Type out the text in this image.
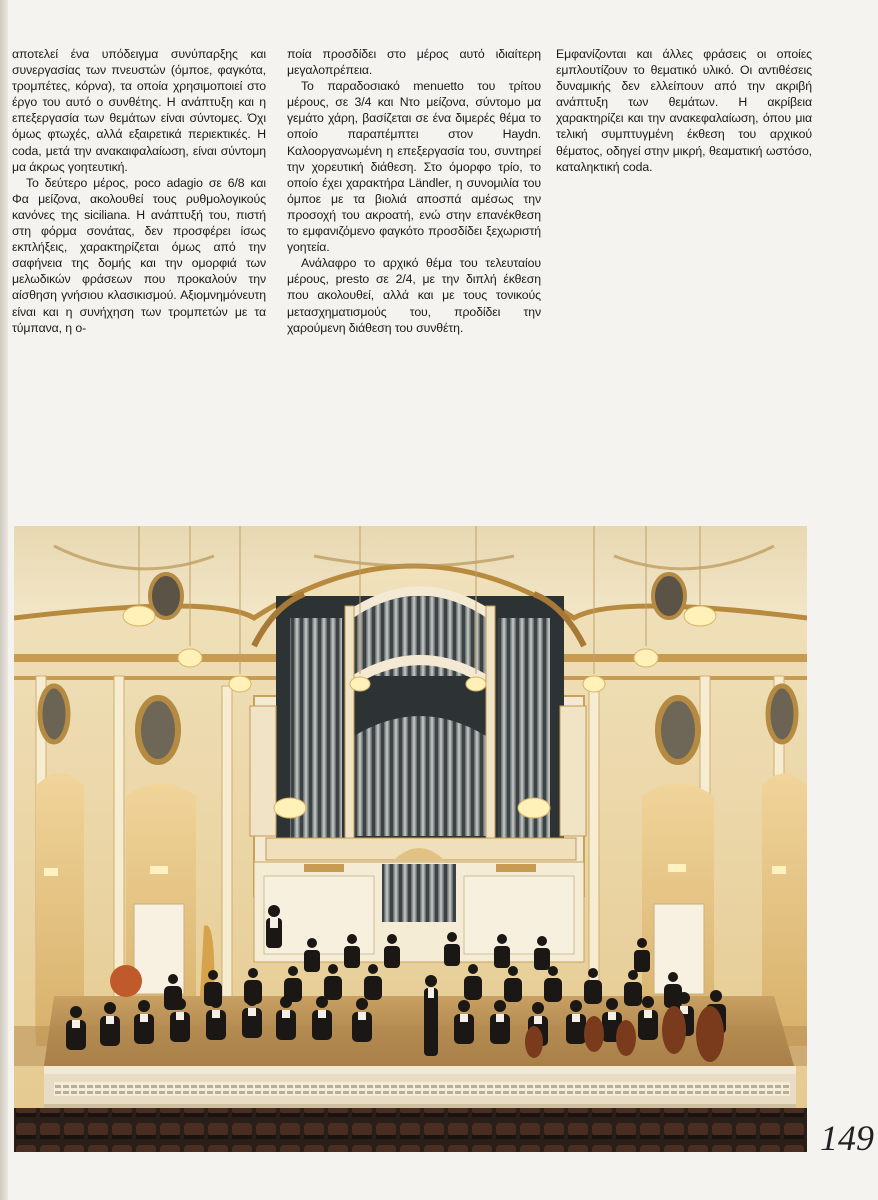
αποτελεί ένα υπόδειγμα συνύπαρξης και συνεργασίας των πνευστών (όμποε, φαγκότα, τρομπέτες, κόρνα), τα οποία χρησιμοποιεί στο έργο του αυτό ο συνθέτης. Η ανάπτυξη και η επεξεργασία των θεμάτων είναι σύντομες. Όχι όμως φτωχές, αλλά εξαιρετικά περιεκτικές. Η coda, μετά την ανακαιφαλαίωση, είναι σύντομη μα άκρως γοητευτική.

Το δεύτερο μέρος, poco adagio σε 6/8 και Φα μείζονα, ακολουθεί τους ρυθμολογικούς κανόνες της siciliana. Η ανάπτυξή του, πιστή στη φόρμα σονάτας, δεν προσφέρει ίσως εκπλήξεις, χαρακτηρίζεται όμως από την σαφήνεια της δομής και την ομορφιά των μελωδικών φράσεων που προκαλούν την αίσθηση γνήσιου κλασικισμού. Αξιομνημόνευτη είναι και η συνήχηση των τρομπετών με τα τύμπανα, η ο-

ποία προσδίδει στο μέρος αυτό ιδιαίτερη μεγαλοπρέπεια.

Το παραδοσιακό menuetto του τρίτου μέρους, σε 3/4 και Ντο μείζονα, σύντομο μα γεμάτο χάρη, βασίζεται σε ένα διμερές θέμα το οποίο παραπέμπτει στον Haydn. Καλοοργανωμένη η επεξεργασία του, συντηρεί την χορευτική διάθεση. Στο όμορφο τρίο, το οποίο έχει χαρακτήρα Ländler, η συνομιλία του όμποε με τα βιολιά αποσπά αμέσως την προσοχή του ακροατή, ενώ στην επανέκθεση το εμφανιζόμενο φαγκότο προσδίδει ξεχωριστή γοητεία.

Ανάλαφρο το αρχικό θέμα του τελευταίου μέρους, presto σε 2/4, με την διπλή έκθεση που ακολουθεί, αλλά και με τους τονικούς μετασχηματισμούς του, προδίδει την χαρούμενη διάθεση του συνθέτη.

Εμφανίζονται και άλλες φράσεις οι οποίες εμπλουτίζουν το θεματικό υλικό. Οι αντιθέσεις δυναμικής δεν ελλείπουν από την ακριβή ανάπτυξη των θεμάτων. Η ακρίβεια χαρακτηρίζει και την ανακεφαλαίωση, όπου μια τελική συμπτυγμένη έκθεση του αρχικού θέματος, οδηγεί στην μικρή, θεαματική ωστόσο, καταληκτική coda.

149
